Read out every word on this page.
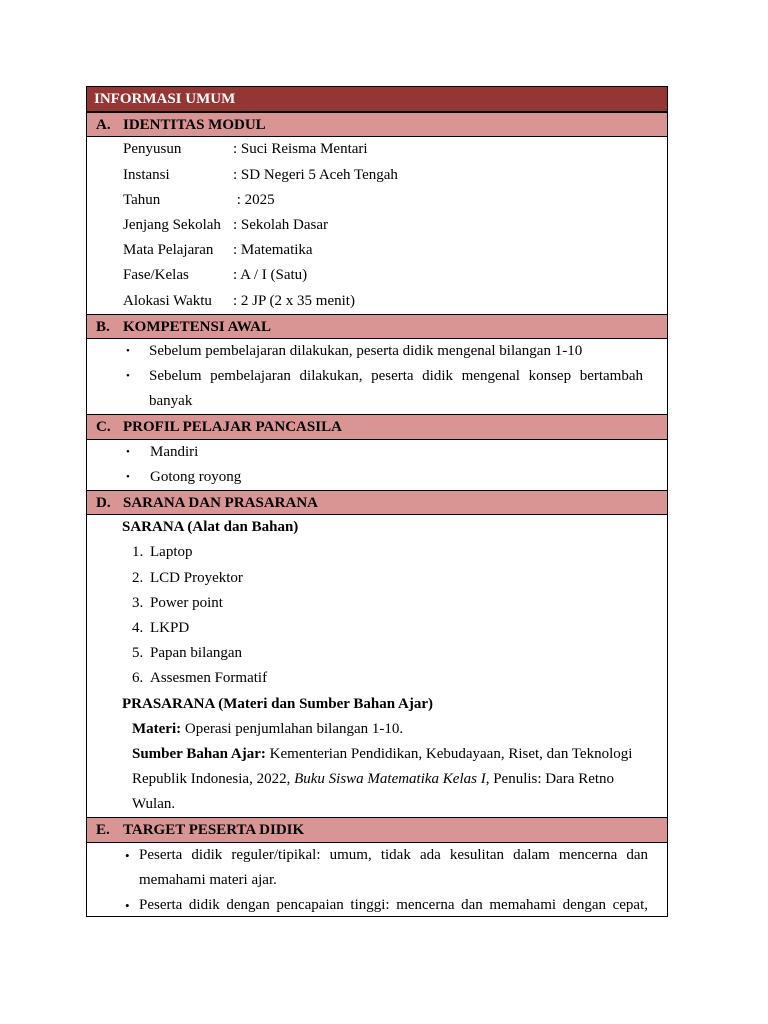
INFORMASI UMUM
A. IDENTITAS MODUL
Penyusun	: Suci Reisma Mentari
Instansi	: SD Negeri 5 Aceh Tengah
Tahun	: 2025
Jenjang Sekolah : Sekolah Dasar
Mata Pelajaran : Matematika
Fase/Kelas	: A / I (Satu)
Alokasi Waktu : 2 JP (2 x 35 menit)
B. KOMPETENSI AWAL
• Sebelum pembelajaran dilakukan, peserta didik mengenal bilangan 1-10
• Sebelum pembelajaran dilakukan, peserta didik mengenal konsep bertambah
banyak
C. PROFIL PELAJAR PANCASILA
• Mandiri
• Gotong royong
D. SARANA DAN PRASARANA
SARANA (Alat dan Bahan)
1. Laptop
2. LCD Proyektor
3. Power point
4. LKPD
5. Papan bilangan
6. Assesmen Formatif
PRASARANA (Materi dan Sumber Bahan Ajar)
Materi: Operasi penjumlahan bilangan 1-10.
Sumber Bahan Ajar: Kementerian Pendidikan, Kebudayaan, Riset, dan Teknologi
Republik Indonesia, 2022, Buku Siswa Matematika Kelas I, Penulis: Dara Retno
Wulan.
E. TARGET PESERTA DIDIK
• Peserta didik reguler/tipikal: umum, tidak ada kesulitan dalam mencerna dan
memahami materi ajar.
• Peserta didik dengan pencapaian tinggi: mencerna dan memahami dengan cepat,
